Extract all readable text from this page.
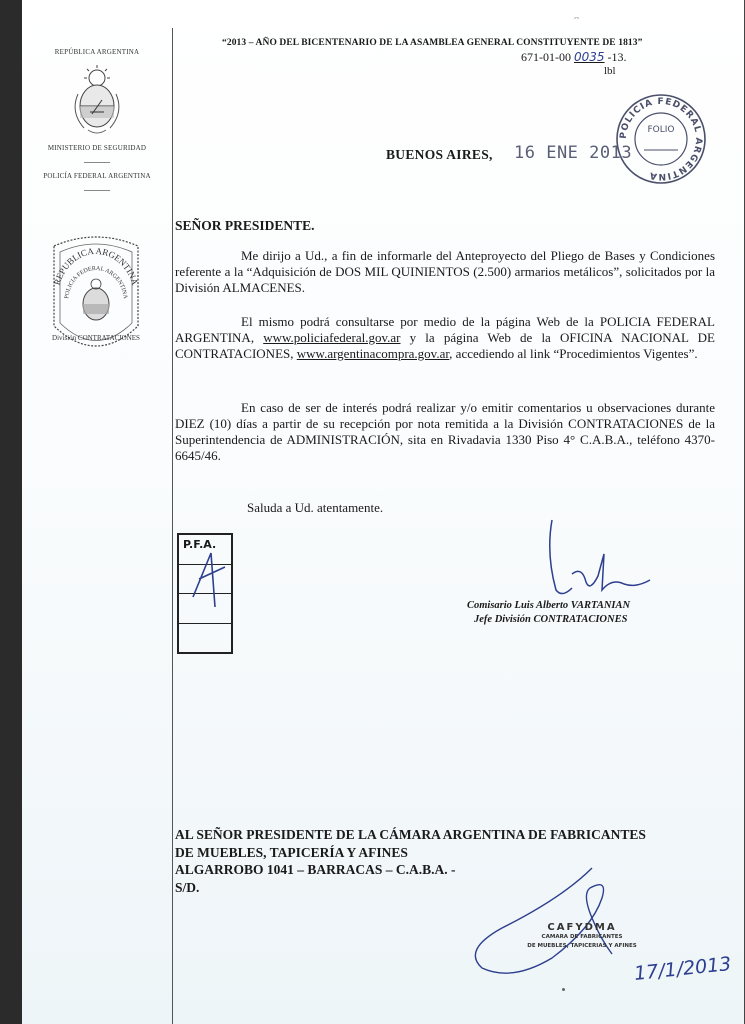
REPÚBLICA ARGENTINA
MINISTERIO DE SEGURIDAD
POLICÍA FEDERAL ARGENTINA
REPUBLICA ARGENTINA
POLICIA FEDERAL ARGENTINA
División CONTRATACIONES
᎔
“2013 – AÑO DEL BICENTENARIO DE LA ASAMBLEA GENERAL CONSTITUYENTE DE 1813”
671-01-00 0035 -13.
lbl
BUENOS AIRES, 16 ENE 2013
POLICIA FEDERAL ARGENTINA
FOLIO
SEÑOR PRESIDENTE.
Me dirijo a Ud., a fin de informarle del Anteproyecto del Pliego de Bases y Condiciones referente a la “Adquisición de DOS MIL QUINIENTOS (2.500) armarios metálicos”, solicitados por la División ALMACENES.
El mismo podrá consultarse por medio de la página Web de la POLICIA FEDERAL ARGENTINA, www.policiafederal.gov.ar y la página Web de la OFICINA NACIONAL DE CONTRATACIONES, www.argentinacompra.gov.ar, accediendo al link “Procedimientos Vigentes”.
En caso de ser de interés podrá realizar y/o emitir comentarios u observaciones durante DIEZ (10) días a partir de su recepción por nota remitida a la División CONTRATACIONES de la Superintendencia de ADMINISTRACIÓN, sita en Rivadavia 1330 Piso 4° C.A.B.A., teléfono 4370-6645/46.
Saluda a Ud. atentamente.
P.F.A.
Comisario Luis Alberto VARTANIAN
Jefe División CONTRATACIONES
AL SEÑOR PRESIDENTE DE LA CÁMARA ARGENTINA DE FABRICANTES
DE MUEBLES, TAPICERÍA Y AFINES
ALGARROBO 1041 – BARRACAS – C.A.B.A. -
S/D.
CAFYDMA
CAMARA DE FABRICANTES
DE MUEBLES, TAPICERIAS Y AFINES
17/1/2013
